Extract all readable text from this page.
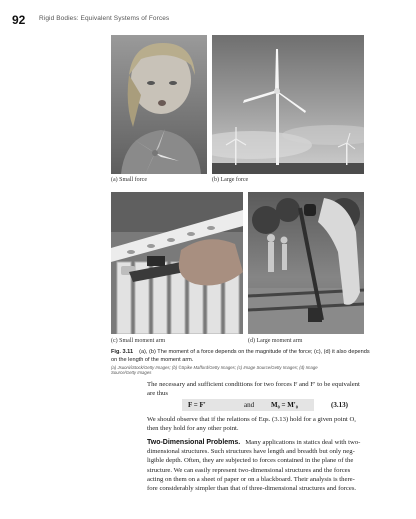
92 Rigid Bodies: Equivalent Systems of Forces
(a) Small force	(b) Large force
(c) Small moment arm	(d) Large moment arm
Fig. 3.11 (a), (b) The moment of a force depends on the magnitude of the force; (c), (d) it also depends on the length of the moment arm.
(a) Jsuoni/iStock/Getty Images; (b) ©Spike Mafford/Getty Images; (c) Image Source/Getty Images; (d) Image
Source/Getty Images
The necessary and sufficient conditions for two forces F and F′ to be equivalent
are thus
F = F′	and M₀ = M′₀	(3.13)
We should observe that if the relations of Eqs. (3.13) hold for a given point O,
then they hold for any other point.
Two-Dimensional Problems. Many applications in statics deal with two-
dimensional structures. Such structures have length and breadth but only neg-
ligible depth. Often, they are subjected to forces contained in the plane of the
structure. We can easily represent two-dimensional structures and the forces
acting on them on a sheet of paper or on a blackboard. Their analysis is there-
fore considerably simpler than that of three-dimensional structures and forces.
